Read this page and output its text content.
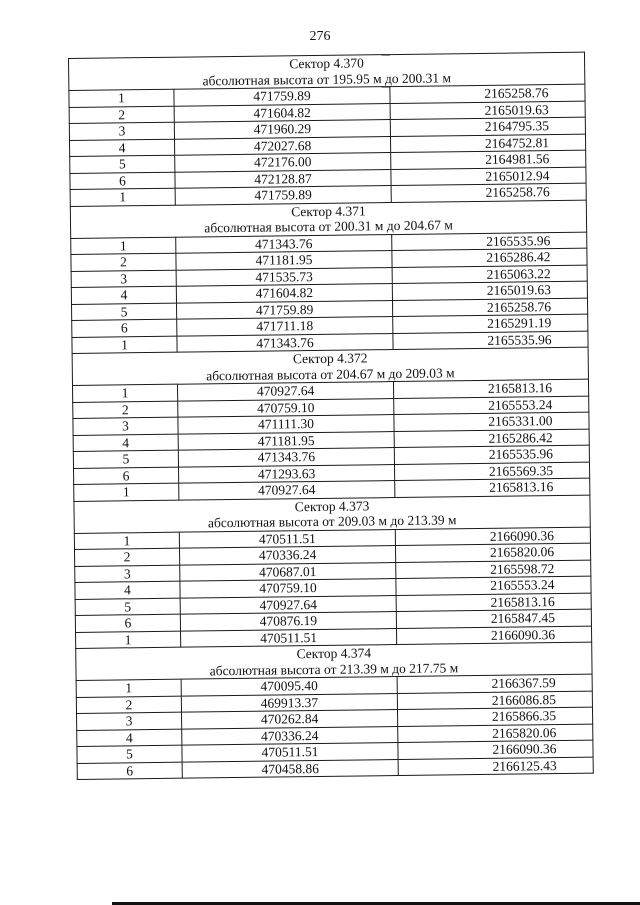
276
Сектор 4.370		
абсолютная высота от 195.95 м до 200.31 м		
1	471759.89	2165258.76
2	471604.82	2165019.63
3	471960.29	2164795.35
4	472027.68	2164752.81
5	472176.00	2164981.56
6	472128.87	2165012.94
1	471759.89	2165258.76
Сектор 4.371		
абсолютная высота от 200.31 м до 204.67 м		
1	471343.76	2165535.96
2	471181.95	2165286.42
3	471535.73	2165063.22
4	471604.82	2165019.63
5	471759.89	2165258.76
6	471711.18	2165291.19
1	471343.76	2165535.96
Сектор 4.372		
абсолютная высота от 204.67 м до 209.03 м		
1	470927.64	2165813.16
2	470759.10	2165553.24
3	471111.30	2165331.00
4	471181.95	2165286.42
5	471343.76	2165535.96
6	471293.63	2165569.35
1	470927.64	2165813.16
Сектор 4.373		
абсолютная высота от 209.03 м до 213.39 м		
1	470511.51	2166090.36
2	470336.24	2165820.06
3	470687.01	2165598.72
4	470759.10	2165553.24
5	470927.64	2165813.16
6	470876.19	2165847.45
1	470511.51	2166090.36
Сектор 4.374		
абсолютная высота от 213.39 м до 217.75 м		
1	470095.40	2166367.59
2	469913.37	2166086.85
3	470262.84	2165866.35
4	470336.24	2165820.06
5	470511.51	2166090.36
6	470458.86	2166125.43
